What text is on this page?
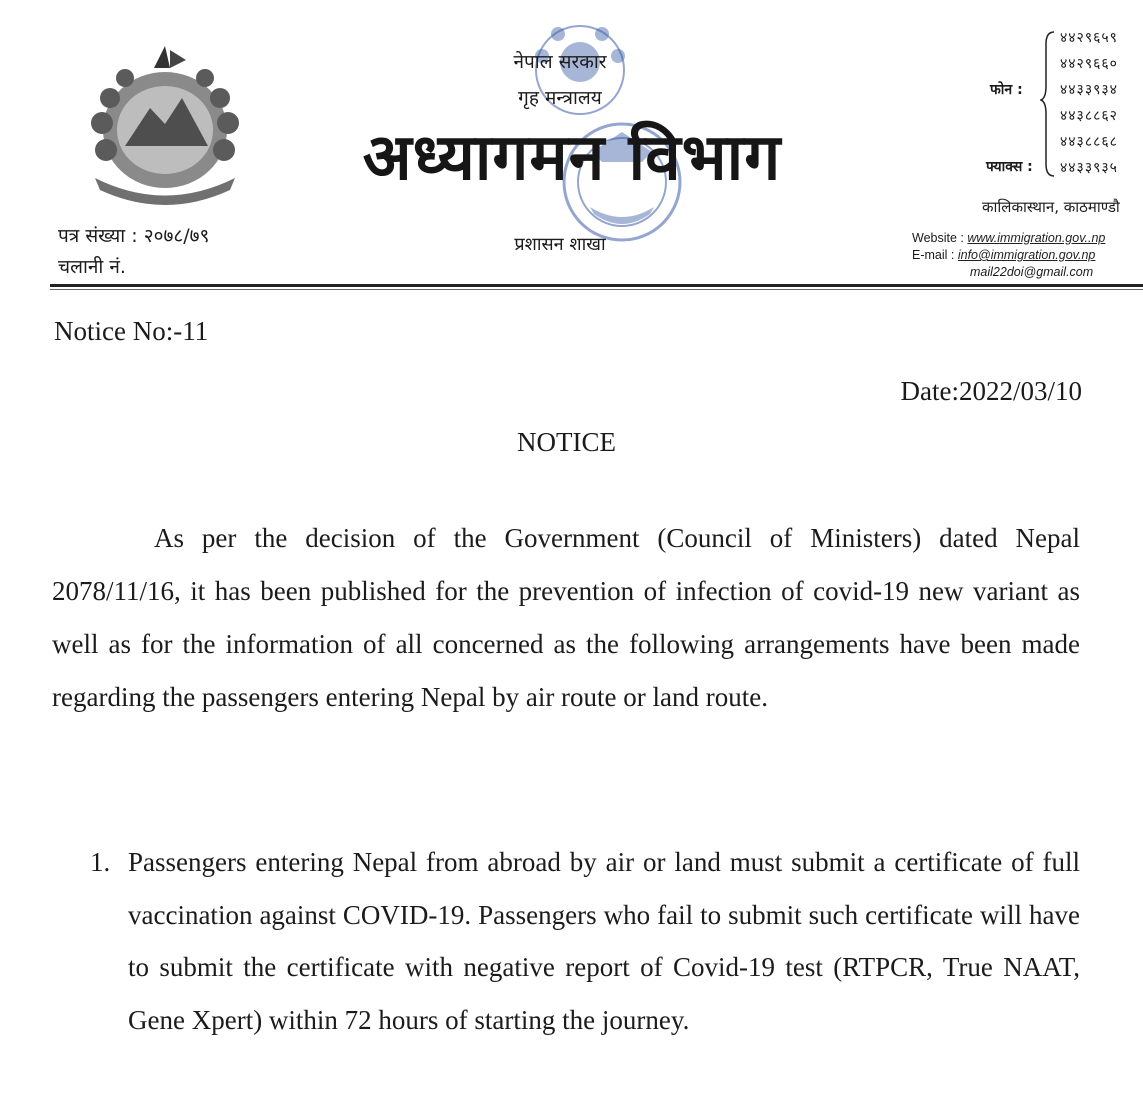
पत्र संख्या : २०७८/७९
चलानी नं.
नेपाल सरकार
गृह मन्त्रालय
अध्यागमन विभाग
प्रशासन शाखा
फोन :
४४२९६५९
४४२९६६०
४४३३९३४
४४३८८६२
४४३८८६८
फ्याक्स : ४४३३९३५
कालिकास्थान, काठमाण्डौ
Website : www.immigration.gov..np
E-mail : info@immigration.gov.np
mail22doi@gmail.com
Notice No:-11
Date:2022/03/10
NOTICE
As per the decision of the Government (Council of Ministers) dated Nepal 2078/11/16, it has been published for the prevention of infection of covid-19 new variant as well as for the information of all concerned as the following arrangements have been made regarding the passengers entering Nepal by air route or land route.
1. Passengers entering Nepal from abroad by air or land must submit a certificate of full vaccination against COVID-19. Passengers who fail to submit such certificate will have to submit the certificate with negative report of Covid-19 test (RTPCR, True NAAT, Gene Xpert) within 72 hours of starting the journey.
